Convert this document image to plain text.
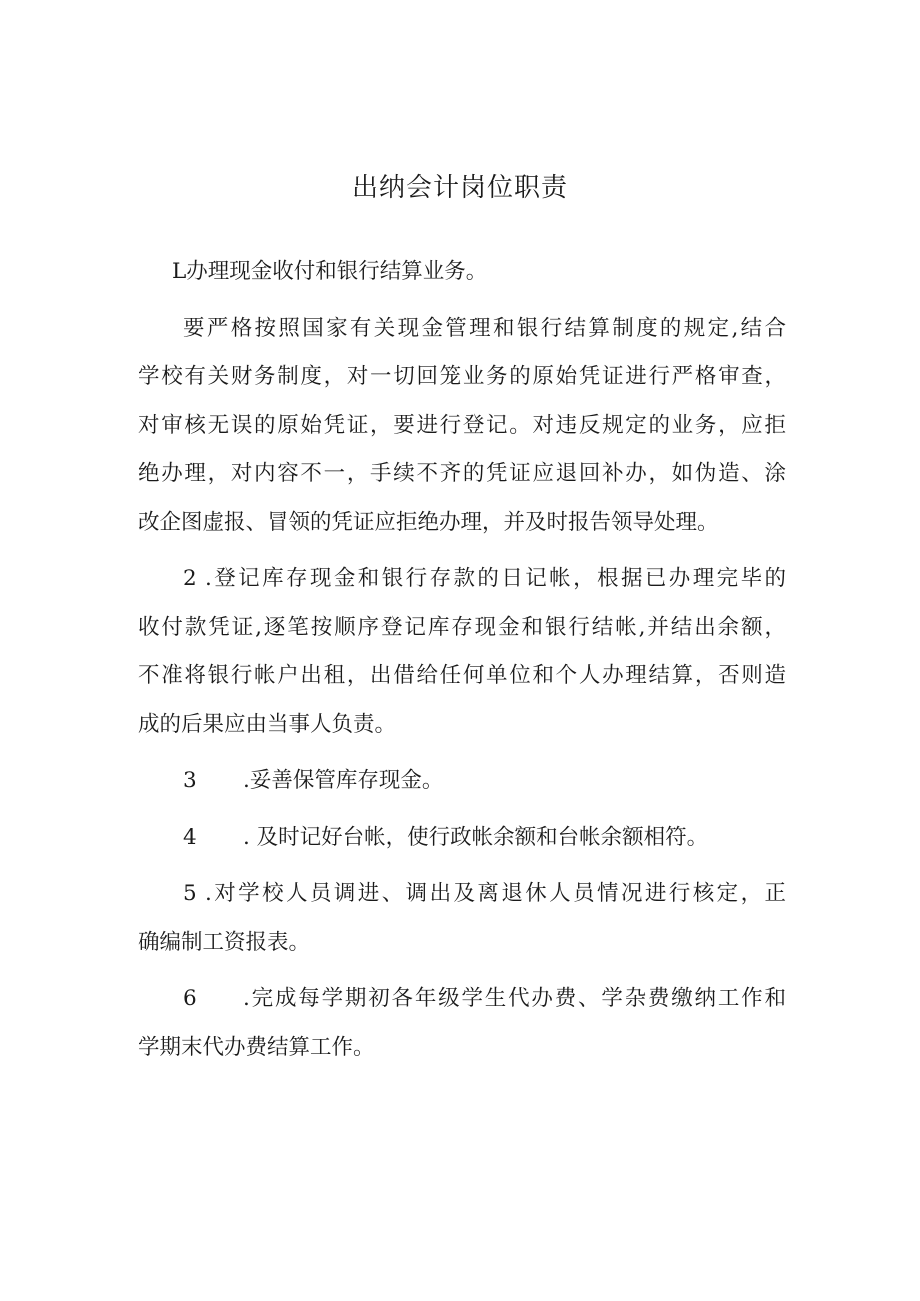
出纳会计岗位职责

L办理现金收付和银行结算业务。

要严格按照国家有关现金管理和银行结算制度的规定,结合
学校有关财务制度，对一切回笼业务的原始凭证进行严格审查，
对审核无误的原始凭证，要进行登记。对违反规定的业务，应拒
绝办理，对内容不一，手续不齐的凭证应退回补办，如伪造、涂
改企图虚报、冒领的凭证应拒绝办理，并及时报告领导处理。

2 .登记库存现金和银行存款的日记帐，根据已办理完毕的
收付款凭证,逐笔按顺序登记库存现金和银行结帐,并结出余额，
不准将银行帐户出租，出借给任何单位和个人办理结算，否则造
成的后果应由当事人负责。

3 .妥善保管库存现金。

4 . 及时记好台帐，使行政帐余额和台帐余额相符。

5 .对学校人员调进、调出及离退休人员情况进行核定，正
确编制工资报表。

6 .完成每学期初各年级学生代办费、学杂费缴纳工作和
学期末代办费结算工作。
